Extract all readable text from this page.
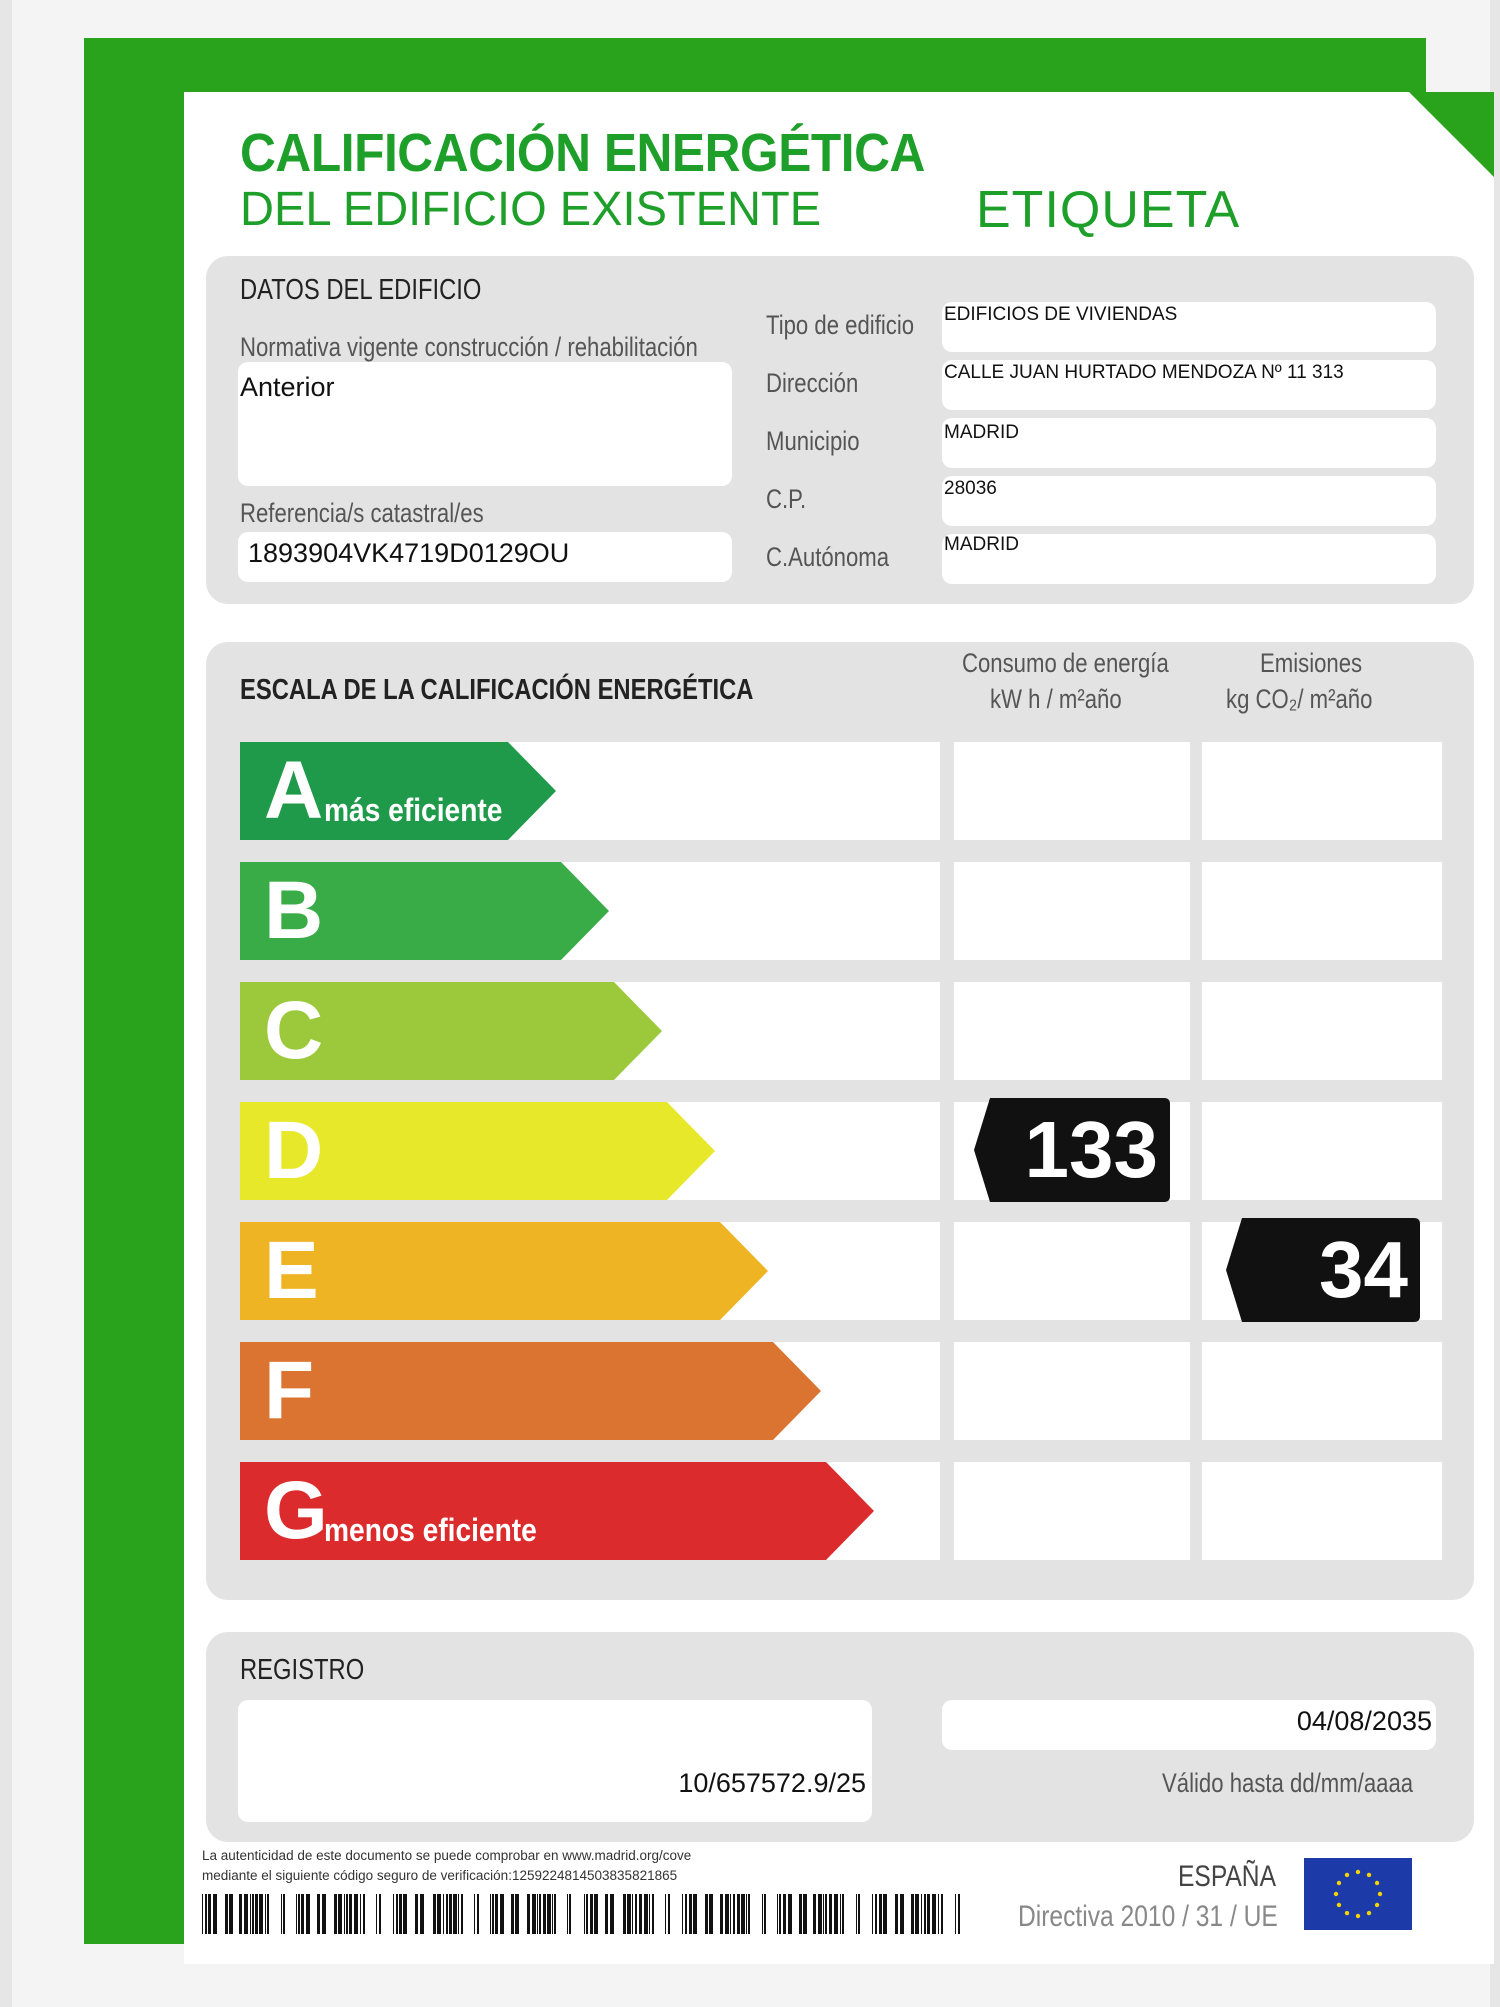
CALIFICACIÓN ENERGÉTICA
DEL EDIFICIO EXISTENTE	ETIQUETA
DATOS DEL EDIFICIO
Normativa vigente construcción / rehabilitación
Anterior
Referencia/s catastral/es
1893904VK4719D0129OU
Tipo de edificio
Dirección
Municipio
C.P.
C.Autónoma
EDIFICIOS DE VIVIENDAS
CALLE JUAN HURTADO MENDOZA Nº 11 313
MADRID
28036
MADRID
ESCALA DE LA CALIFICACIÓN ENERGÉTICA
Consumo de energía
kW h / m²año
Emisiones
kg CO₂/ m²año
A más eficiente
B
C
D
E
F
G
menos eficiente
133
34
REGISTRO
10/657572.9/25
04/08/2035
Válido hasta dd/mm/aaaa
La autenticidad de este documento se puede comprobar en www.madrid.org/cove
mediante el siguiente código seguro de verificación:1259224814503835821865	ESPAÑA
Directiva 2010 / 31 / UE
